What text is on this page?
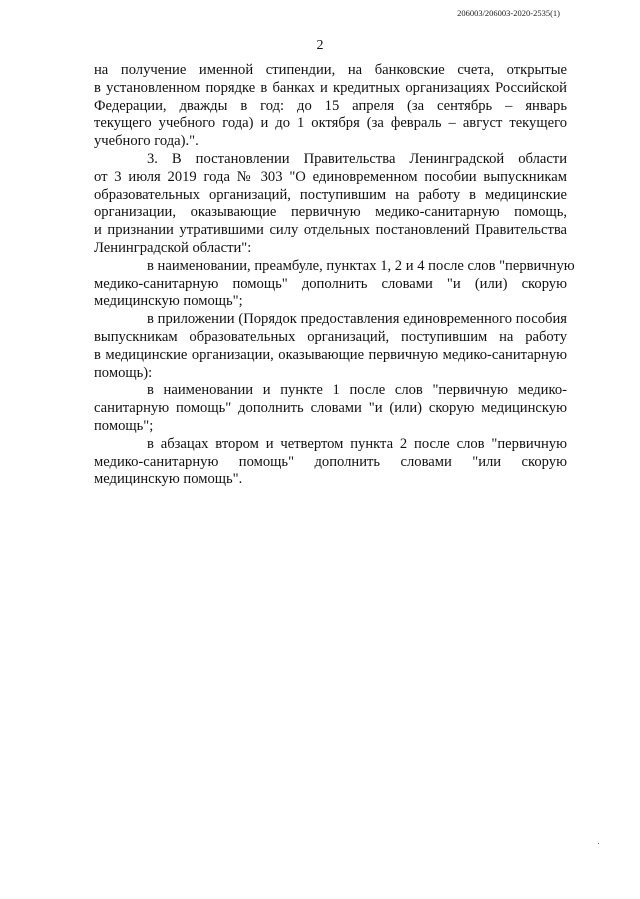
206003/206003-2020-2535(1)
2
на получение именной стипендии, на банковские счета, открытые
в установленном порядке в банках и кредитных организациях Российской
Федерации, дважды в год: до 15 апреля (за сентябрь – январь
текущего учебного года) и до 1 октября (за февраль – август текущего
учебного года).".
3. В постановлении Правительства Ленинградской области
от 3 июля 2019 года № 303 "О единовременном пособии выпускникам
образовательных организаций, поступившим на работу в медицинские
организации, оказывающие первичную медико-санитарную помощь,
и признании утратившими силу отдельных постановлений Правительства
Ленинградской области":
в наименовании, преамбуле, пунктах 1, 2 и 4 после слов "первичную
медико-санитарную помощь" дополнить словами "и (или) скорую
медицинскую помощь";
в приложении (Порядок предоставления единовременного пособия
выпускникам образовательных организаций, поступившим на работу
в медицинские организации, оказывающие первичную медико-санитарную
помощь):
в наименовании и пункте 1 после слов "первичную медико-
санитарную помощь" дополнить словами "и (или) скорую медицинскую
помощь";
в абзацах втором и четвертом пункта 2 после слов "первичную
медико-санитарную помощь" дополнить словами "или скорую
медицинскую помощь".
